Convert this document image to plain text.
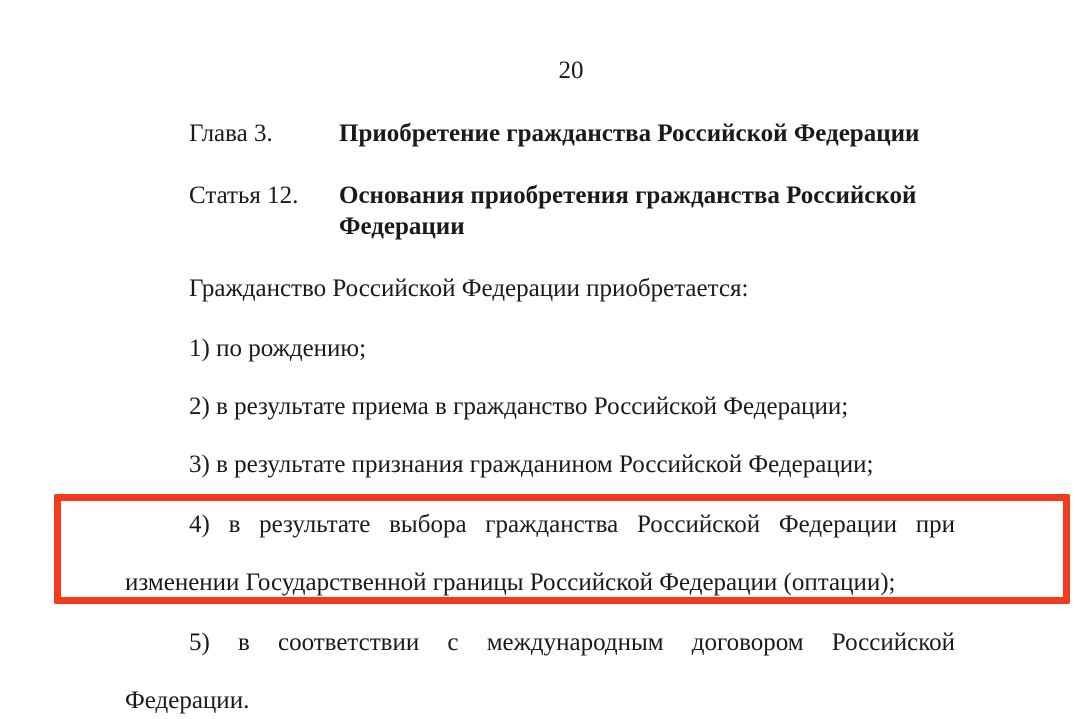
20
Глава 3.	Приобретение гражданства Российской Федерации
Статья 12. Основания приобретения гражданства Российской
Федерации
Гражданство Российской Федерации приобретается:
1) по рождению;
2) в результате приема в гражданство Российской Федерации;
3) в результате признания гражданином Российской Федерации;
4) в результате выбора гражданства Российской Федерации при
изменении Государственной границы Российской Федерации (оптации);
5) в соответствии с международным договором Российской
Федерации.
